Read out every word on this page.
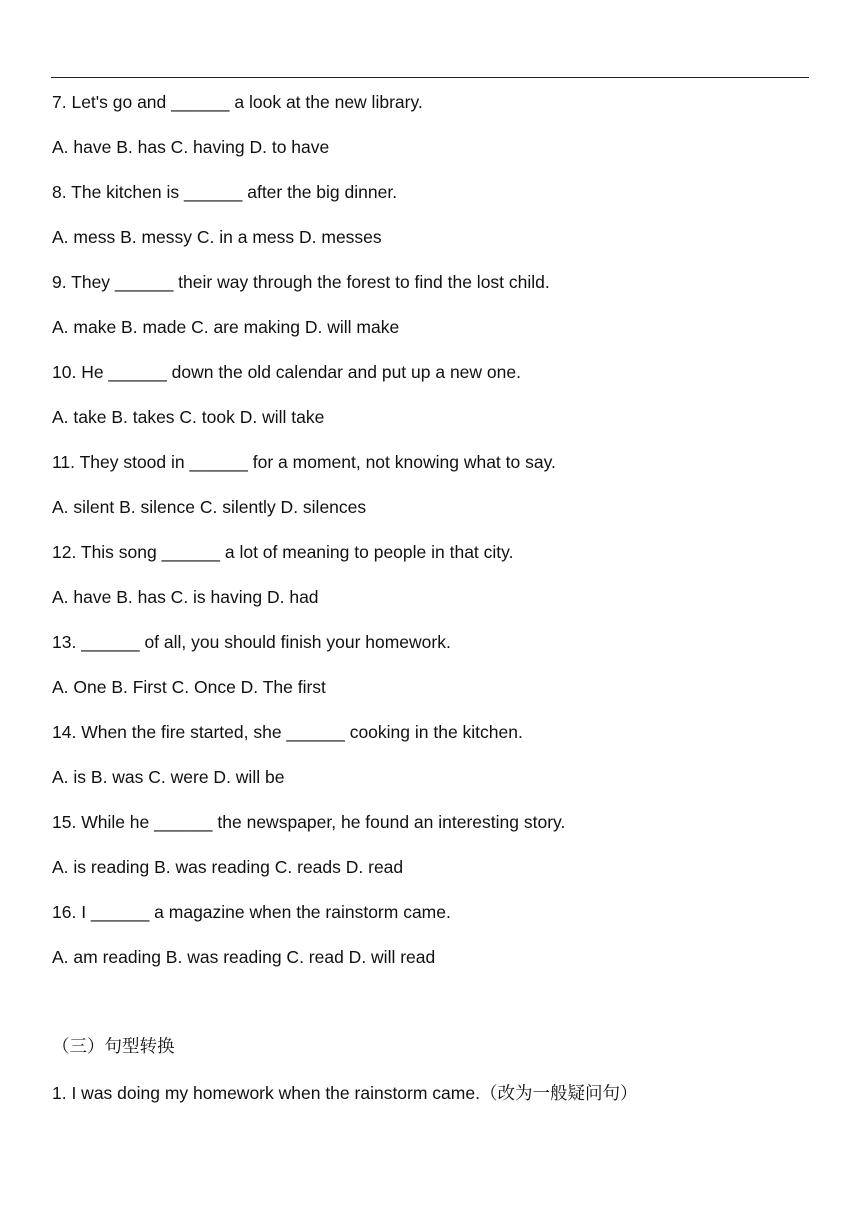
7. Let's go and ______ a look at the new library.
A. have B. has C. having D. to have
8. The kitchen is ______ after the big dinner.
A. mess B. messy C. in a mess D. messes
9. They ______ their way through the forest to find the lost child.
A. make B. made C. are making D. will make
10. He ______ down the old calendar and put up a new one.
A. take B. takes C. took D. will take
11. They stood in ______ for a moment, not knowing what to say.
A. silent B. silence C. silently D. silences
12. This song ______ a lot of meaning to people in that city.
A. have B. has C. is having D. had
13. ______ of all, you should finish your homework.
A. One B. First C. Once D. The first
14. When the fire started, she ______ cooking in the kitchen.
A. is B. was C. were D. will be
15. While he ______ the newspaper, he found an interesting story.
A. is reading B. was reading C. reads D. read
16. I ______ a magazine when the rainstorm came.
A. am reading B. was reading C. read D. will read
（三）句型转换
1. I was doing my homework when the rainstorm came.（改为一般疑问句）
